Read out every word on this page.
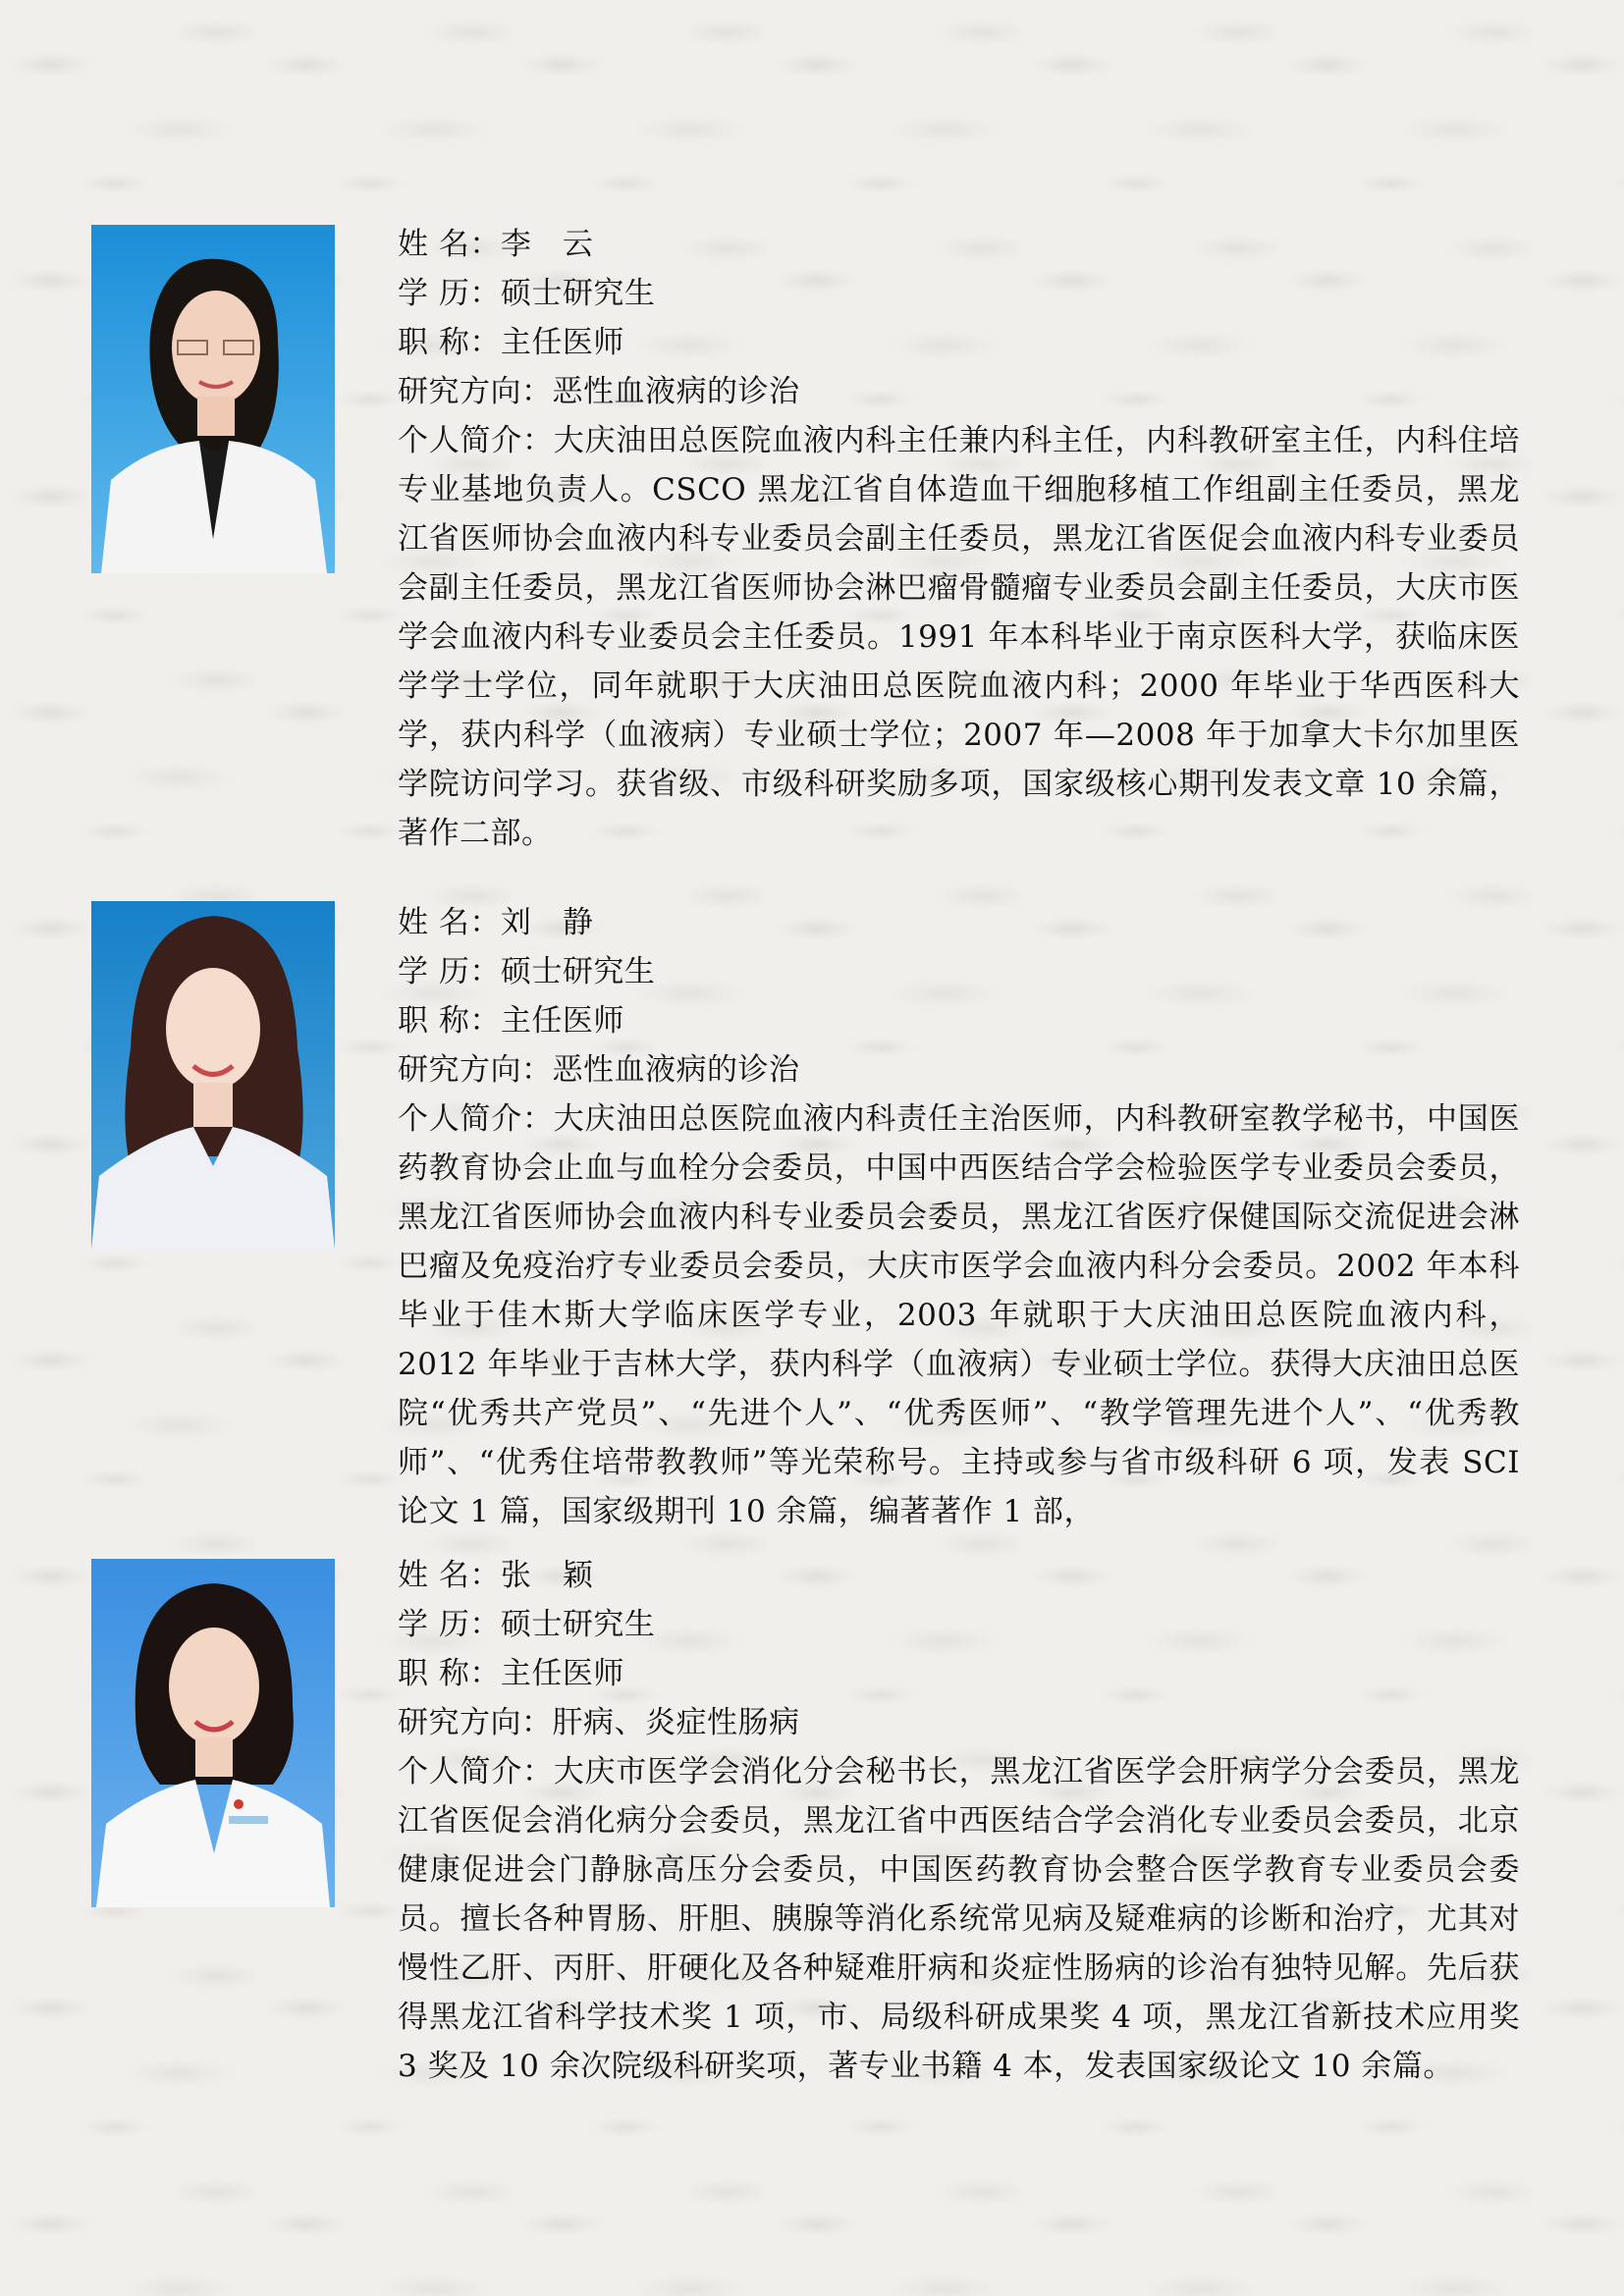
姓 名：李　云
学 历：硕士研究生
职 称：主任医师
研究方向：恶性血液病的诊治
个人简介：大庆油田总医院血液内科主任兼内科主任，内科教研室主任，内科住培专业基地负责人。CSCO 黑龙江省自体造血干细胞移植工作组副主任委员，黑龙江省医师协会血液内科专业委员会副主任委员，黑龙江省医促会血液内科专业委员会副主任委员，黑龙江省医师协会淋巴瘤骨髓瘤专业委员会副主任委员，大庆市医学会血液内科专业委员会主任委员。1991 年本科毕业于南京医科大学，获临床医学学士学位，同年就职于大庆油田总医院血液内科；2000 年毕业于华西医科大学，获内科学（血液病）专业硕士学位；2007 年—2008 年于加拿大卡尔加里医学院访问学习。获省级、市级科研奖励多项，国家级核心期刊发表文章 10 余篇，著作二部。
姓 名：刘　静
学 历：硕士研究生
职 称：主任医师
研究方向：恶性血液病的诊治
个人简介：大庆油田总医院血液内科责任主治医师，内科教研室教学秘书，中国医药教育协会止血与血栓分会委员，中国中西医结合学会检验医学专业委员会委员，黑龙江省医师协会血液内科专业委员会委员，黑龙江省医疗保健国际交流促进会淋巴瘤及免疫治疗专业委员会委员，大庆市医学会血液内科分会委员。2002 年本科毕业于佳木斯大学临床医学专业，2003 年就职于大庆油田总医院血液内科，2012 年毕业于吉林大学，获内科学（血液病）专业硕士学位。获得大庆油田总医院“优秀共产党员”、“先进个人”、“优秀医师”、“教学管理先进个人”、“优秀教师”、“优秀住培带教教师”等光荣称号。主持或参与省市级科研 6 项，发表 SCI 论文 1 篇，国家级期刊 10 余篇，编著著作 1 部，
姓 名：张　颖
学 历：硕士研究生
职 称：主任医师
研究方向：肝病、炎症性肠病
个人简介：大庆市医学会消化分会秘书长，黑龙江省医学会肝病学分会委员，黑龙江省医促会消化病分会委员，黑龙江省中西医结合学会消化专业委员会委员，北京健康促进会门静脉高压分会委员，中国医药教育协会整合医学教育专业委员会委员。擅长各种胃肠、肝胆、胰腺等消化系统常见病及疑难病的诊断和治疗，尤其对慢性乙肝、丙肝、肝硬化及各种疑难肝病和炎症性肠病的诊治有独特见解。先后获得黑龙江省科学技术奖 1 项，市、局级科研成果奖 4 项，黑龙江省新技术应用奖 3 奖及 10 余次院级科研奖项，著专业书籍 4 本，发表国家级论文 10 余篇。
